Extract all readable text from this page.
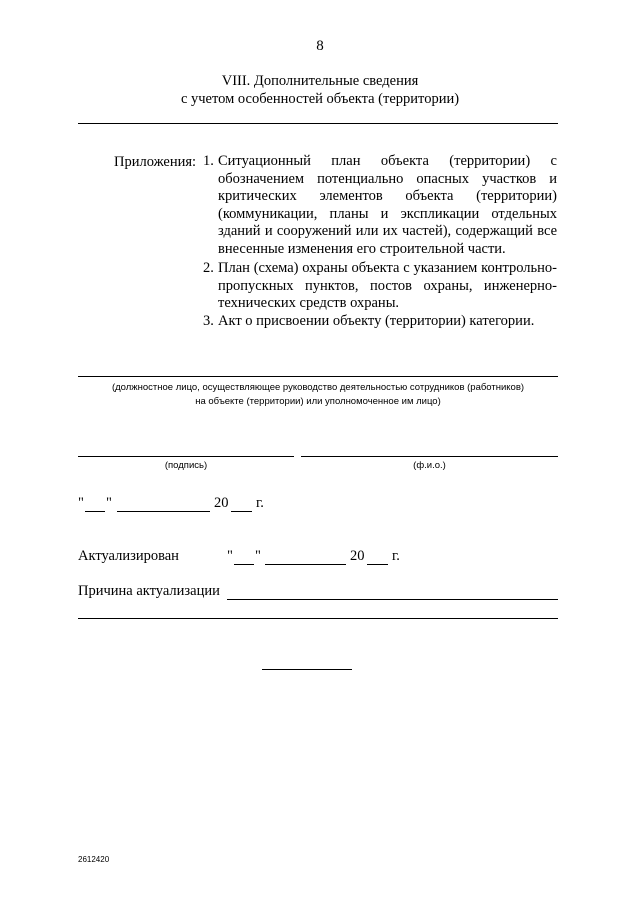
8
VIII. Дополнительные сведения
с учетом особенностей объекта (территории)
Приложения: 1. Ситуационный план объекта (территории) с обозначением потенциально опасных участков и критических элементов объекта (территории) (коммуникации, планы и экспликации отдельных зданий и сооружений или их частей), содержащий все внесенные изменения его строительной части.
2. План (схема) охраны объекта с указанием контрольно-пропускных пунктов, постов охраны, инженерно-технических средств охраны.
3. Акт о присвоении объекту (территории) категории.
(должностное лицо, осуществляющее руководство деятельностью сотрудников (работников)
на объекте (территории) или уполномоченное им лицо)
(подпись)	(ф.и.о.)
" "	20 г.
Актуализирован	" "	20 г.
Причина актуализации
2612420
